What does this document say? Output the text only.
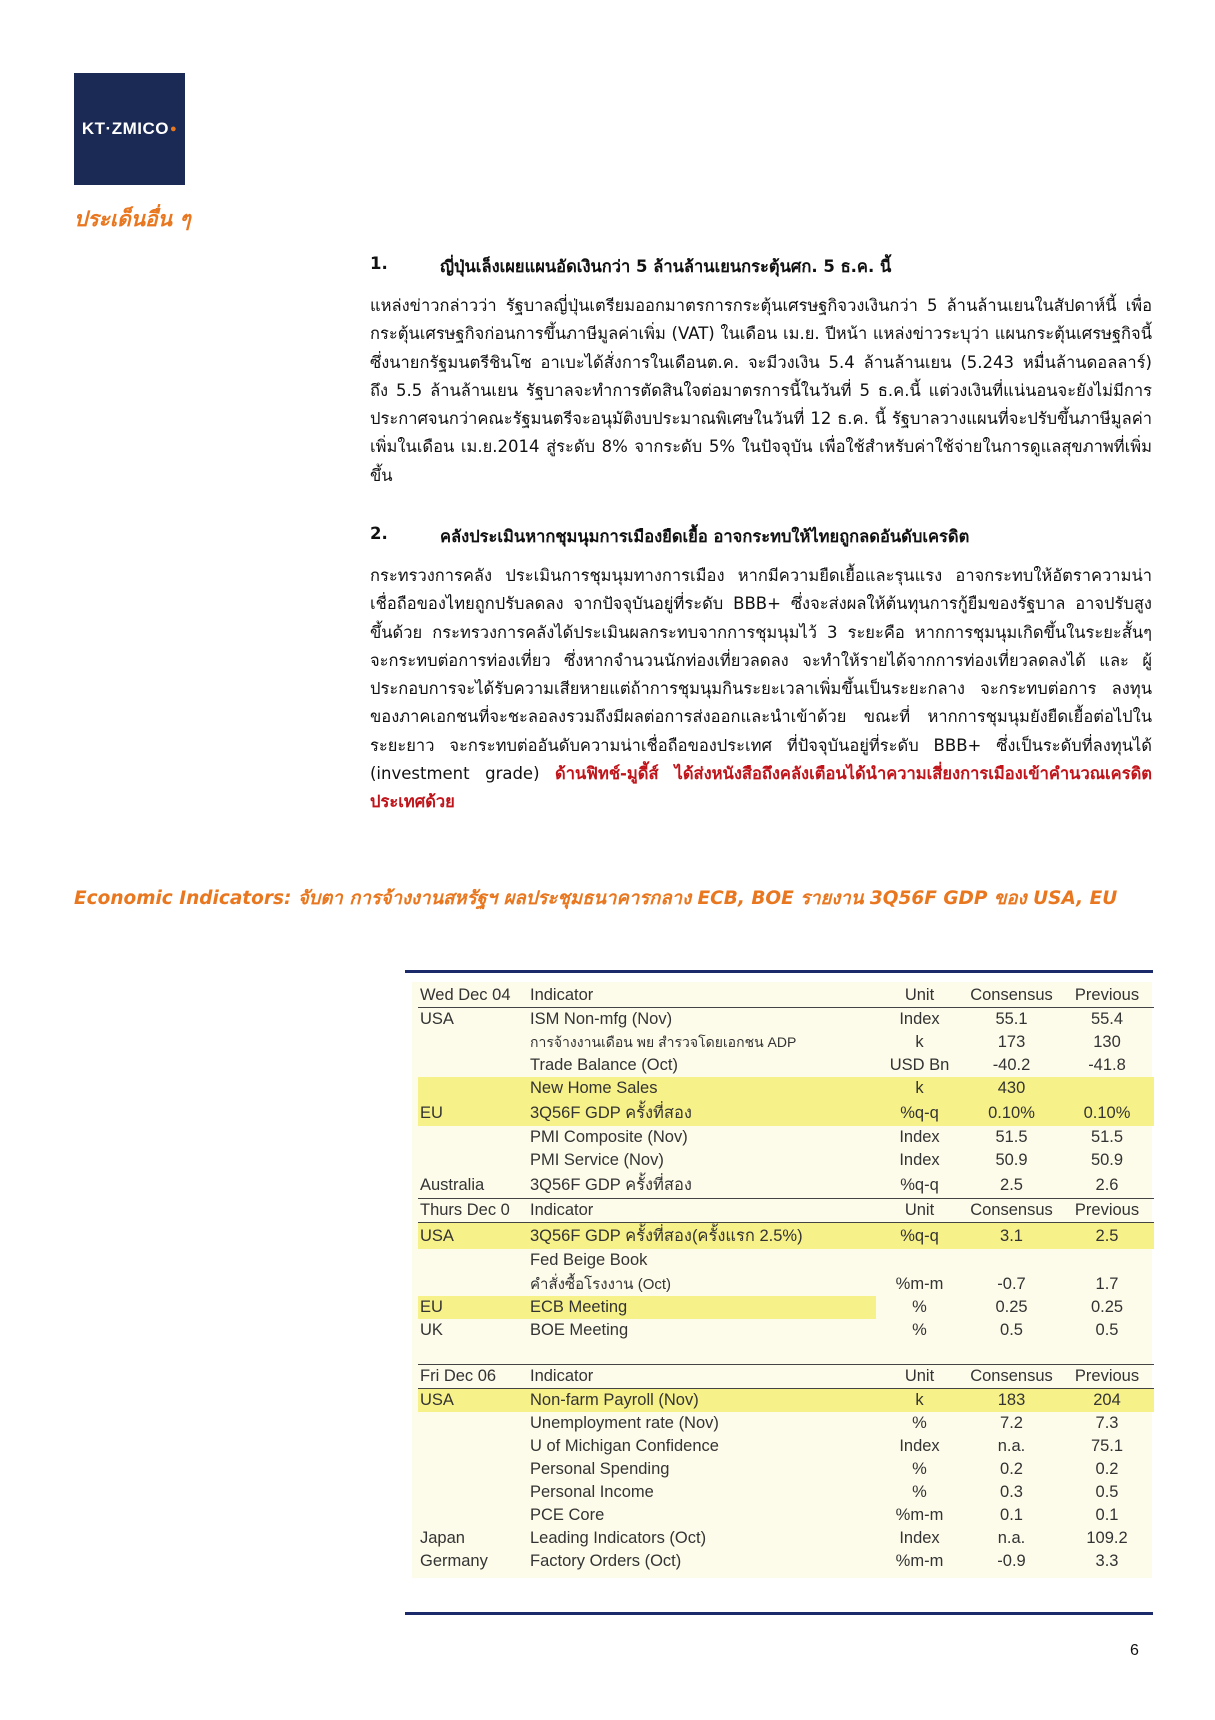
KT·ZMICO ●
ประเด็นอื่น ๆ
1.	ญี่ปุ่นเล็งเผยแผนอัดเงินกว่า 5 ล้านล้านเยนกระตุ้นศก. 5 ธ.ค. นี้
แหล่งข่าวกล่าวว่า รัฐบาลญี่ปุ่นเตรียมออกมาตรการกระตุ้นเศรษฐกิจวงเงินกว่า 5 ล้านล้านเยนในสัปดาห์นี้ เพื่อกระตุ้นเศรษฐกิจก่อนการขึ้นภาษีมูลค่าเพิ่ม (VAT) ในเดือน เม.ย. ปีหน้า แหล่งข่าวระบุว่า แผนกระตุ้นเศรษฐกิจนี้ ซึ่งนายกรัฐมนตรีชินโซ อาเบะได้สั่งการในเดือนต.ค. จะมีวงเงิน 5.4 ล้านล้านเยน (5.243 หมื่นล้านดอลลาร์) ถึง 5.5 ล้านล้านเยน รัฐบาลจะทำการตัดสินใจต่อมาตรการนี้ในวันที่ 5 ธ.ค.นี้ แต่วงเงินที่แน่นอนจะยังไม่มีการประกาศจนกว่าคณะรัฐมนตรีจะอนุมัติงบประมาณพิเศษในวันที่ 12 ธ.ค. นี้ รัฐบาลวางแผนที่จะปรับขึ้นภาษีมูลค่าเพิ่มในเดือน เม.ย.2014 สู่ระดับ 8% จากระดับ 5% ในปัจจุบัน เพื่อใช้สำหรับค่าใช้จ่ายในการดูแลสุขภาพที่เพิ่มขึ้น
2.	คลังประเมินหากชุมนุมการเมืองยืดเยื้อ อาจกระทบให้ไทยถูกลดอันดับเครดิต
กระทรวงการคลัง ประเมินการชุมนุมทางการเมือง หากมีความยืดเยื้อและรุนแรง อาจกระทบให้อัตราความน่าเชื่อถือของไทยถูกปรับลดลง จากปัจจุบันอยู่ที่ระดับ BBB+ ซึ่งจะส่งผลให้ต้นทุนการกู้ยืมของรัฐบาล อาจปรับสูงขึ้นด้วย กระทรวงการคลังได้ประเมินผลกระทบจากการชุมนุมไว้ 3 ระยะคือ หากการชุมนุมเกิดขึ้นในระยะสั้นๆ จะกระทบต่อการท่องเที่ยว ซึ่งหากจำนวนนักท่องเที่ยวลดลง จะทำให้รายได้จากการท่องเที่ยวลดลงได้ และ ผู้ประกอบการจะได้รับความเสียหายแต่ถ้าการชุมนุมกินระยะเวลาเพิ่มขึ้นเป็นระยะกลาง จะกระทบต่อการ ลงทุนของภาคเอกชนที่จะชะลอลงรวมถึงมีผลต่อการส่งออกและนำเข้าด้วย ขณะที่ หากการชุมนุมยังยืดเยื้อต่อไปในระยะยาว จะกระทบต่ออันดับความน่าเชื่อถือของประเทศ ที่ปัจจุบันอยู่ที่ระดับ BBB+ ซึ่งเป็นระดับที่ลงทุนได้ (investment grade) ด้านฟิทช์-มูดี้ส์ ได้ส่งหนังสือถึงคลังเตือนได้นำความเสี่ยงการเมืองเข้าคำนวณเครดิตประเทศด้วย
Economic Indicators: จับตา การจ้างงานสหรัฐฯ ผลประชุมธนาคารกลาง ECB, BOE รายงาน 3Q56F GDP ของ USA, EU
Wed Dec 04	Indicator	Unit	Consensus	Previous
USA	ISM Non-mfg (Nov)	Index	55.1	55.4
	การจ้างงานเดือน พย สำรวจโดยเอกชน ADP	k	173	130
	Trade Balance (Oct)	USD Bn	-40.2	-41.8
	New Home Sales	k	430	
EU	3Q56F GDP ครั้งที่สอง	%q-q	0.10%	0.10%
	PMI Composite (Nov)	Index	51.5	51.5
	PMI Service (Nov)	Index	50.9	50.9
Australia	3Q56F GDP ครั้งที่สอง	%q-q	2.5	2.6
Thurs Dec 0	Indicator	Unit	Consensus	Previous
USA	3Q56F GDP ครั้งที่สอง(ครั้งแรก 2.5%)	%q-q	3.1	2.5
	Fed Beige Book			
	คำสั่งซื้อโรงงาน (Oct)	%m-m	-0.7	1.7
EU	ECB Meeting	%	0.25	0.25
UK	BOE Meeting	%	0.5	0.5

Fri Dec 06	Indicator	Unit	Consensus	Previous
USA	Non-farm Payroll (Nov)	k	183	204
	Unemployment rate (Nov)	%	7.2	7.3
	U of Michigan Confidence	Index	n.a.	75.1
	Personal Spending	%	0.2	0.2
	Personal Income	%	0.3	0.5
	PCE Core	%m-m	0.1	0.1
Japan	Leading Indicators (Oct)	Index	n.a.	109.2
Germany	Factory Orders (Oct)	%m-m	-0.9	3.3
6
